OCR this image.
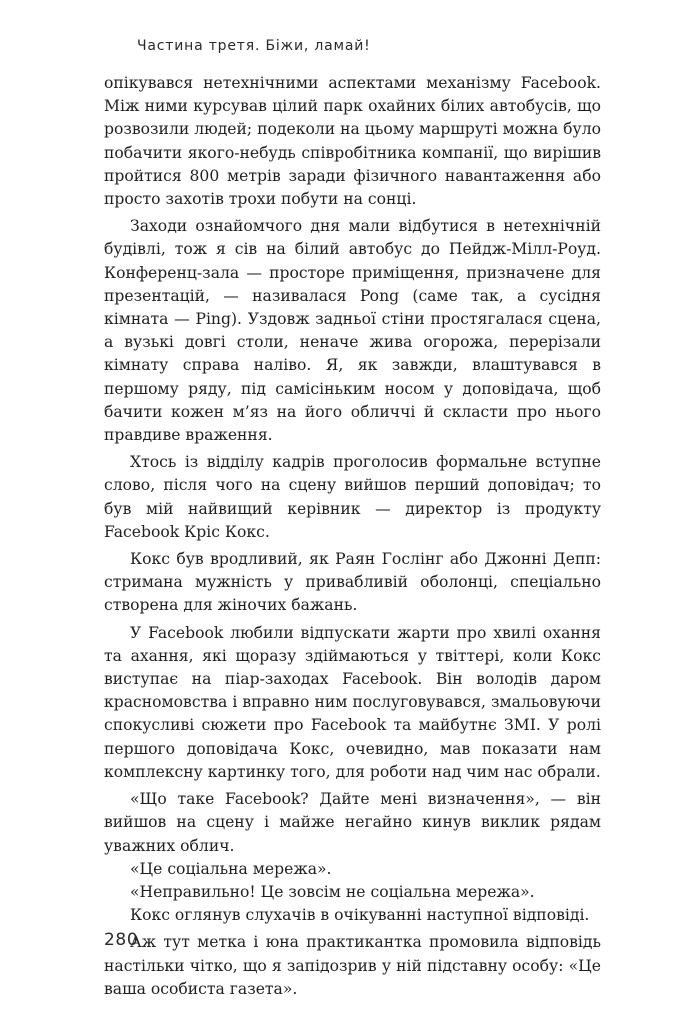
Частина третя. Біжи, ламай!

опікувався нетехнічними аспектами механізму Facebook. Між ними курсував цілий парк охайних білих автобусів, що розвозили людей; подеколи на цьому маршруті можна було побачити якого-небудь співробітника компанії, що вирішив пройтися 800 метрів заради фізичного навантаження або просто захотів трохи побути на сонці.

Заходи ознайомчого дня мали відбутися в нетехнічній будівлі, тож я сів на білий автобус до Пейдж-Мілл-Роуд. Конференц-зала — просторе приміщення, призначене для презентацій, — називалася Pong (саме так, а сусідня кімната — Ping). Уздовж задньої стіни простягалася сцена, а вузькі довгі столи, неначе жива огорожа, перерізали кімнату справа наліво. Я, як завжди, влаштувався в першому ряду, під самісіньким носом у доповідача, щоб бачити кожен м’яз на його обличчі й скласти про нього правдиве враження.

Хтось із відділу кадрів проголосив формальне вступне слово, після чого на сцену вийшов перший доповідач; то був мій найвищий керівник — директор із продукту Facebook Кріс Кокс.

Кокс був вродливий, як Раян Гослінг або Джонні Депп: стримана мужність у привабливій оболонці, спеціально створена для жіночих бажань.

У Facebook любили відпускати жарти про хвилі охання та ахання, які щоразу здіймаються у твіттері, коли Кокс виступає на піар-заходах Facebook. Він володів даром красномовства і вправно ним послуговувався, змальовуючи спокусливі сюжети про Facebook та майбутнє ЗМІ. У ролі першого доповідача Кокс, очевидно, мав показати нам комплексну картинку того, для роботи над чим нас обрали.

«Що таке Facebook? Дайте мені визначення», — він вийшов на сцену і майже негайно кинув виклик рядам уважних облич.

«Це соціальна мережа».

«Неправильно! Це зовсім не соціальна мережа».

Кокс оглянув слухачів в очікуванні наступної відповіді.

Аж тут метка і юна практикантка промовила відповідь настільки чітко, що я запідозрив у ній підставну особу: «Це ваша особиста газета».

280
